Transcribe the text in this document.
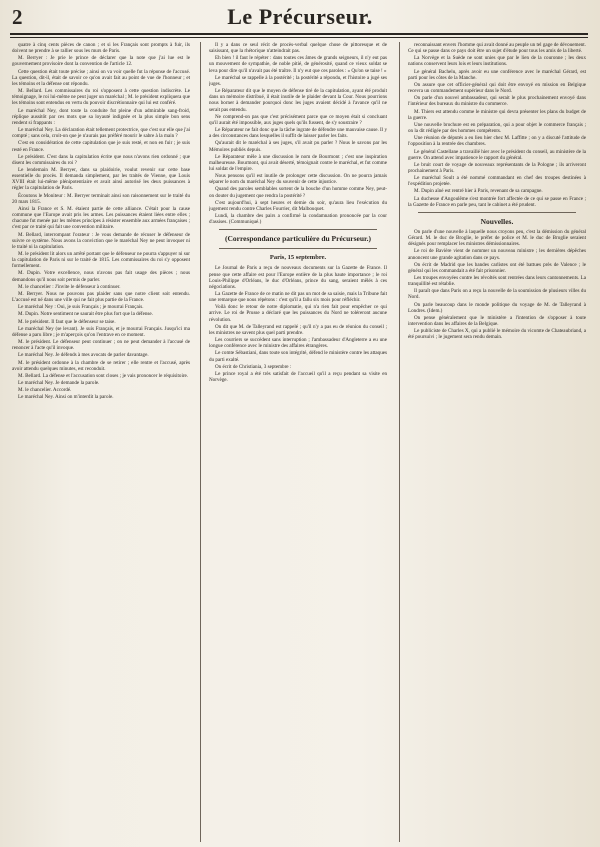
2	Le Précurseur.

quatre à cinq cents pièces de canon ; et si les Français sont prompts à fuir, ils doivent ne prendre à se rallier sous les murs de Paris.

M. Berryer : Je prie le prince de déclarer que la note que j'ai lue est le gouvernement provisoire dont la convention de l'article 12.

Cette question était toute précise ; ainsi on va voir quelle fut la réponse de l'accusé. La question, dit-il, était de savoir ce qu'on avait fait au point de vue de l'honneur ; et les témoins et la défense ont répondu.

M. Bellard. Les commissaires du roi s'opposent à cette question indiscrète. Le témoignage, le roi lui-même ne peut juger un maréchal ; M. le président expliquera que les témoins sont entendus en vertu du pouvoir discrétionnaire qui lui est conféré.

Le maréchal Ney, dont toute la conduite fut pleine d'un admirable sang-froid, réplique aussitôt par ces mots que sa loyauté indignée et la plus simple bon sens rendent si frappants :

Le maréchal Ney. La déclaration était tellement protectrice, que c'est sur elle que j'ai compté ; sans cela, croit-on que je n'aurais pas préféré mourir le sabre à la main ?

C'est en considération de cette capitulation que je suis resté, et non en fuir ; je suis resté en France.

Le président. C'est dans la capitulation écrite que nous n'avons rien ordonné ; que disent les commissaires du roi ?

Le lendemain M. Berryer, dans sa plaidoirie, voulut revenir sur cette base essentielle du procès. Il demanda simplement, par les traités de Vienne, que Louis XVIII était lui-même plénipotentiaire et avait ainsi autorisé les deux puissances à régler la capitulation de Paris.

Écoutons le Moniteur : M. Berryer terminait ainsi son raisonnement sur le traité du 20 mars 1815.

Ainsi la France et S. M. étaient partie de cette alliance. C'était pour la cause commune que l'Europe avait pris les armes. Les puissances étaient liées entre elles ; chacune fut menée par les mêmes principes à résister ensemble aux armées françaises ; c'est par ce traité qui fait une convention militaire.

M. Bellard, interrompant l'orateur : Je vous demande de récuser le défenseur de suivre ce système. Nous avons la conviction que le maréchal Ney ne peut invoquer ni le traité ni la capitulation.

M. le président lit alors un arrêté portant que le défenseur ne pourra s'appuyer ni sur la capitulation de Paris ni sur le traité de 1815. Les commissaires du roi s'y opposent formellement.

M. Dupin. Votre excellence, nous n'avons pas fait usage des pièces ; nous demandons qu'il nous soit permis de parler.

M. le chancelier : J'invite le défenseur à continuer.

M. Berryer. Nous ne pouvons pas plaider sans que notre client soit entendu. L'accusé est né dans une ville qui ne fait plus partie de la France.

Le maréchal Ney : Oui, je suis Français ; je mourrai Français.

M. Dupin. Notre sentiment ne saurait être plus fort que la défense.

M. le président. Il faut que le défenseur se taise.

Le maréchal Ney (se levant). Je suis Français, et je mourrai Français. Jusqu'ici ma défense a paru libre ; je m'aperçois qu'on l'entrave en ce moment.

M. le président. Le défenseur peut continuer ; on ne peut demander à l'accusé de renoncer à l'acte qu'il invoque.

Le maréchal Ney. Je défends à mes avocats de parler davantage.

M. le président ordonne à la chambre de se retirer ; elle rentre et l'accusé, après avoir attendu quelques minutes, est reconduit.

M. Bellard. La défense et l'accusation sont closes ; je vais prononcer le réquisitoire.

Le maréchal Ney. Je demande la parole.

M. le chancelier. Accordé.

Le maréchal Ney. Ainsi on m'interdit la parole.

Il y a dans ce seul récit de procès-verbal quelque chose de pittoresque et de saisissant, que la rhétorique n'atteindrait pas.

Eh bien ! il faut le répéter : dans toutes ces âmes de grands seigneurs, il n'y eut pas un mouvement de sympathie, de noble pitié, de générosité, quand ce vieux soldat se leva pour dire qu'il n'avait pas été traître. Il n'y eut que ces paroles : « Qu'on se taise ! »

Le maréchal se rappelle à la postérité ; la postérité a répondu, et l'histoire a jugé ses juges.

Le Réparateur dit que le moyen de défense tiré de la capitulation, ayant été produit dans un mémoire distribué, il était inutile de le plaider devant la Cour. Nous pourrions nous borner à demander pourquoi donc les juges avaient décidé à l'avance qu'il ne serait pas entendu.

Ne comprend-on pas que c'est précisément parce que ce moyen était si concluant qu'il aurait été impossible, aux juges quels qu'ils fussent, de s'y soustraire ?

Le Réparateur ne fait donc que la tâche ingrate de défendre une mauvaise cause. Il y a des circonstances dans lesquelles il suffit de laisser parler les faits.

Qu'aurait dit le maréchal à ses juges, s'il avait pu parler ? Nous le savons par les Mémoires publiés depuis.

Le Réparateur mêle à une discussion le nom de Bourmont ; c'est une inspiration malheureuse. Bourmont, qui avait déserté, témoignait contre le maréchal, et fut comme lui soldat de l'empire.

Nous pensons qu'il est inutile de prolonger cette discussion. On ne pourra jamais séparer le nom du maréchal Ney du souvenir de cette injustice.

Quand des paroles semblables sortent de la bouche d'un homme comme Ney, peut-on douter du jugement que rendra la postérité ?

C'est aujourd'hui, à sept heures et demie du soir, qu'aura lieu l'exécution du jugement rendu contre Charles Fourrier, dit Malbouquet.

Lundi, la chambre des pairs a confirmé la condamnation prononcée par la cour d'assises. (Communiqué.)

(Correspondance particulière du Précurseur.)
Paris, 15 septembre.

Le Journal de Paris a reçu de nouveaux documents sur la Gazette de France. Il pense que cette affaire est pour l'Europe entière de la plus haute importance ; le roi Louis-Philippe d'Orléans, le duc d'Orléans, prince du sang, seraient mêlés à ces négociations.

La Gazette de France de ce matin ne dit pas un mot de sa saisie, mais la Tribune fait une remarque que nous répétons : c'est qu'il a fallu six mois pour réfléchir.

Voilà donc le retour de notre diplomatie, qui n'a rien fait pour empêcher ce qui arrive. Le roi de Prusse a déclaré que les puissances du Nord ne toléreront aucune révolution.

On dit que M. de Talleyrand est rappelé ; qu'il n'y a pas eu de réunion du conseil ; les ministres ne savent plus quel parti prendre.

Les courriers se succèdent sans interruption ; l'ambassadeur d'Angleterre a eu une longue conférence avec le ministre des affaires étrangères.

Le comte Sébastiani, dans toute son intégrité, défend le ministère contre les attaques du parti exalté.

On écrit de Christiania, 3 septembre :

Le prince royal a été très satisfait de l'accueil qu'il a reçu pendant sa visite en Norvège.

reconnaissant envers l'homme qui avait donné au peuple un tel gage de dévouement. Ce qui se passe dans ce pays doit être un sujet d'étude pour tous les amis de la liberté.

La Norvège et la Suède ne sont unies que par le lien de la couronne ; les deux nations conservent leurs lois et leurs institutions.

Le général Bachelu, après avoir eu une conférence avec le maréchal Gérard, est parti pour les côtes de la Manche.

On assure que cet officier-général qui doit être envoyé en mission en Belgique recevra un commandement supérieur dans le Nord.

On parle d'un nouvel ambassadeur, qui serait le plus prochainement envoyé dans l'intérieur des bureaux du ministre du commerce.

M. Thiers est attendu comme le ministre qui devra présenter les plans du budget de la guerre.

Une nouvelle brochure est en préparation, qui a pour objet le commerce français ; on la dit rédigée par des hommes compétents.

Une réunion de députés a eu lieu hier chez M. Laffitte ; on y a discuté l'attitude de l'opposition à la rentrée des chambres.

Le général Castellane a travaillé hier avec le président du conseil, au ministère de la guerre. On attend avec impatience le rapport du général.

Le bruit court de voyage de nouveaux représentants de la Pologne ; ils arriveront prochainement à Paris.

Le maréchal Soult a été nommé commandant en chef des troupes destinées à l'expédition projetée.

M. Dupin aîné est rentré hier à Paris, revenant de sa campagne.

La duchesse d'Angoulême s'est montrée fort affectée de ce qui se passe en France ; la Gazette de France en parle peu, tant le cabinet a été prudent.

Nouvelles.

On parle d'une nouvelle à laquelle nous croyons peu, c'est la démission du général Gérard. M. le duc de Broglie, le préfet de police et M. le duc de Broglie seraient désignés pour remplacer les ministres démissionnaires.

Le roi de Bavière vient de nommer un nouveau ministre ; les dernières dépêches annoncent une grande agitation dans ce pays.

On écrit de Madrid que les bandes carlistes ont été battues près de Valence ; le général qui les commandait a été fait prisonnier.

Les troupes envoyées contre les révoltés sont rentrées dans leurs cantonnements. La tranquillité est rétablie.

Il paraît que dans Paris on a reçu la nouvelle de la soumission de plusieurs villes du Nord.

On parle beaucoup dans le monde politique du voyage de M. de Talleyrand à Londres. (Idem.)

On pense généralement que le ministère a l'intention de s'opposer à toute intervention dans les affaires de la Belgique.

Le publiciste de Charles X, qui a publié le mémoire du vicomte de Chateaubriand, a été poursuivi ; le jugement sera rendu demain.
